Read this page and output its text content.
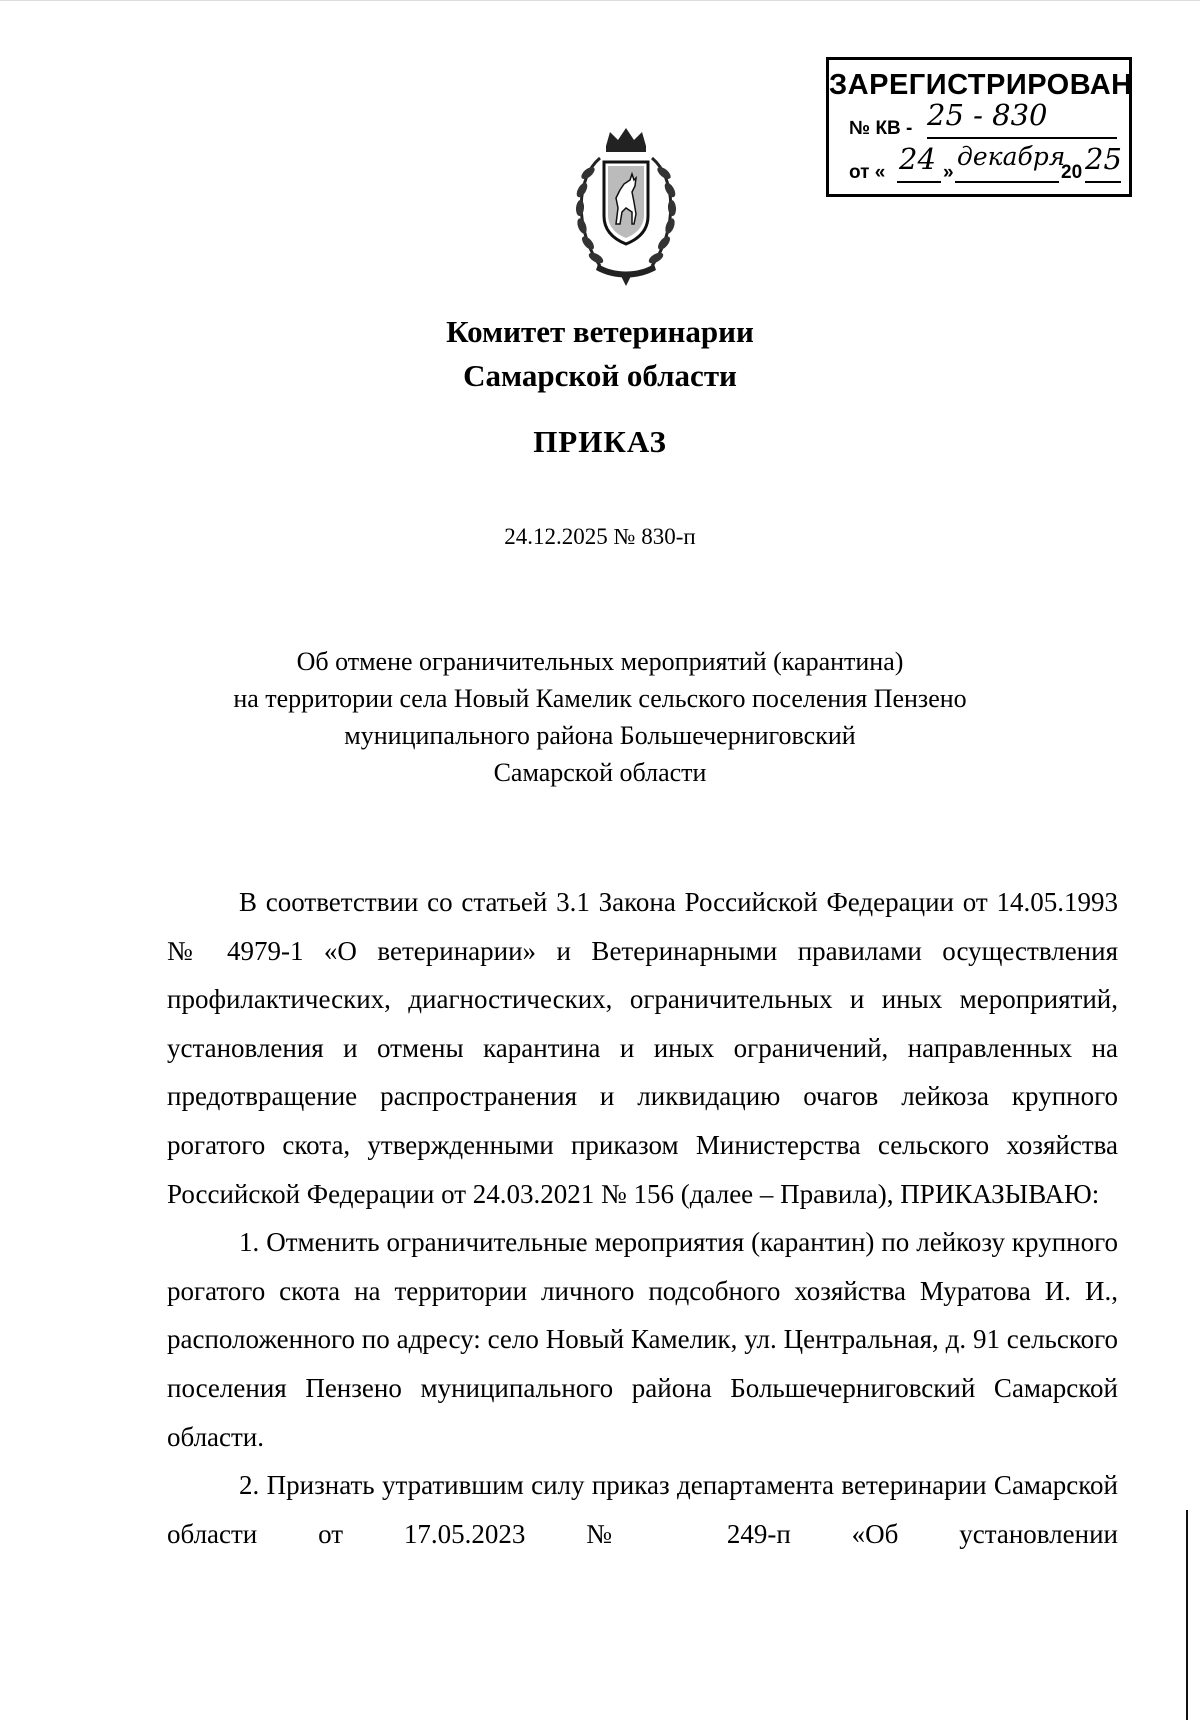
ЗАРЕГИСТРИРОВАН
№ КВ - 25 - 830
от « 24 »
декабря
20 25
Комитет ветеринарии
Самарской области
ПРИКАЗ
24.12.2025 № 830-п
Об отмене ограничительных мероприятий (карантина)
на территории села Новый Камелик сельского поселения Пензено
муниципального района Большечерниговский
Самарской области

В соответствии со статьей 3.1 Закона Российской Федерации от 14.05.1993 № 4979-1 «О ветеринарии» и Ветеринарными правилами осуществления профилактических, диагностических, ограничительных и иных мероприятий, установления и отмены карантина и иных ограничений, направленных на предотвращение распространения и ликвидацию очагов лейкоза крупного рогатого скота, утвержденными приказом Министерства сельского хозяйства Российской Федерации от 24.03.2021 № 156 (далее – Правила), ПРИКАЗЫВАЮ:

1. Отменить ограничительные мероприятия (карантин) по лейкозу крупного рогатого скота на территории личного подсобного хозяйства Муратова И. И., расположенного по адресу: село Новый Камелик, ул. Центральная, д. 91 сельского поселения Пензено муниципального района Большечерниговский Самарской области.

2. Признать утратившим силу приказ департамента ветеринарии Самарской области от 17.05.2023 № 249-п «Об установлении
